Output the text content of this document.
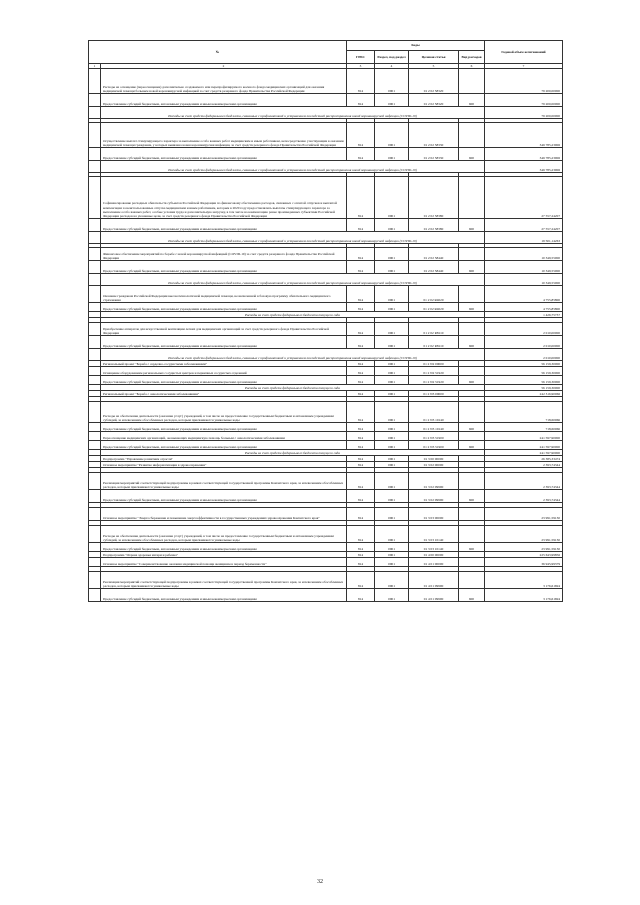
№		Коды				Годовой объем ассигнований
		ГРБС	Раздел, под-раздел	Целевая статья	Вид расходов	
1	2	3	4	5	6	7
	Расходы на оснащение (переоснащение) дополнительно создаваемого или перепрофилируемого коечного фонда медицинских организаций для оказания медицинской помощи больным новой коронавирусной инфекцией за счет средств резервного фонда Правительства Российской Федерации	814	0901	01 2 02 58320		79 200,00000
	Предоставление субсидий бюджетным, автономным учреждениям и иным некоммерческим организациям	814	0901	01 2 02 58320	600	79 200,00000
	Расходы за счет средств федерального бюджета, связанные с профилактикой и устранением последствий распространения новой коронавирусной инфекции (COVID-19)					79 200,00000

	Осуществление выплат стимулирующего характера за выполнение особо важных работ медицинским и иным работникам, непосредственно участвующим в оказании медицинской помощи гражданам, у которых выявлена новая коронавирусная инфекция, за счет средств резервного фонда Правительства Российской Федерации	814	0901	01 2 02 58330		346 785,23906
	Предоставление субсидий бюджетным, автономным учреждениям и иным некоммерческим организациям	814	0901	01 2 02 58330	600	346 785,23906
	Расходы за счет средств федерального бюджета, связанные с профилактикой и устранением последствий распространения новой коронавирусной инфекции (COVID-19)					346 785,23906

	Софинансирование расходных обязательств субъектов Российской Федерации по финансовому обеспечению расходов, связанных с оплатой отпусков и выплатой компенсации за неиспользованные отпуска медицинским и иным работникам, которым в 2020 году предоставлялись выплаты стимулирующего характера за выполнение особо важных работ, особые условия труда и дополнительную нагрузку, в том числе на компенсацию ранее произведенных субъектами Российской Федерации расходов на указанные цели, за счет средств резервного фонда Правительства Российской Федерации	814	0901	01 2 02 58380		27 557,24207
	Предоставление субсидий бюджетным, автономным учреждениям и иным некоммерческим организациям	814	0901	01 2 02 58380	600	27 557,24207
	Расходы за счет средств федерального бюджета, связанные с профилактикой и устранением последствий распространения новой коронавирусной инфекции (COVID-19)					19 501,14263

	Финансовое обеспечение мероприятий по борьбе с новой коронавирусной инфекцией (COVID-19) за счет средств резервного фонда Правительства Российской Федерации	814	0901	01 2 02 58440		10 349,55000
	Предоставление субсидий бюджетным, автономным учреждениям и иным некоммерческим организациям	814	0901	01 2 02 58440	600	10 349,55000
	Расходы за счет средств федерального бюджета, связанные с профилактикой и устранением последствий распространения новой коронавирусной инфекции (COVID-19)					10 349,55000
	Оказание гражданам Российской Федерации высокотехнологичной медицинской помощи, не включенной в базовую программу обязательного медицинского страхования	814	0901	01 2 02 R4020		4 755,85800
	Предоставление субсидий бюджетным, автономным учреждениям и иным некоммерческим организациям	814	0901	01 2 02 R4020	600	4 755,85800
	Расходы за счет средств федерального бюджета текущего года					1 426,75737

	Приобретение аппаратов для искусственной вентиляции легких для медицинских организаций за счет средств резервного фонда Правительства Российской Федерации	814	0901	01 2 02 R8110		2 010,00000
	Предоставление субсидий бюджетным, автономным учреждениям и иным некоммерческим организациям	814	0901	01 2 02 R8110	600	2 010,00000
	Расходы за счет средств федерального бюджета, связанные с профилактикой и устранением последствий распространения новой коронавирусной инфекции (COVID-19)					2 010,00000
	Региональный проект "Борьба с сердечно-сосудистыми заболеваниями"	814	0901	01 2 N2 00000		56 159,30000
	Оснащение оборудованием региональных сосудистых центров и первичных сосудистых отделений	814	0901	01 2 N2 51920		56 159,30000
	Предоставление субсидий бюджетным, автономным учреждениям и иным некоммерческим организациям	814	0901	01 2 N2 51920	600	56 159,30000
	Расходы за счет средств федерального бюджета текущего года					56 159,30000
	Региональный проект "Борьба с онкологическими заболеваниями"	814	0901	01 2 N3 00000		242 316,90066

	Расходы на обеспечение деятельности (оказание услуг) учреждений, в том числе на предоставление государственным бюджетным и автономным учреждениям субсидий, за исключением обособленных расходов, которым присваиваются уникальные коды	814	0901	01 2 N3 10140		718,60066
	Предоставление субсидий бюджетным, автономным учреждениям и иным некоммерческим организациям	814	0901	01 2 N3 10140	600	718,60066
	Переоснащение медицинских организаций, оказывающих медицинскую помощь больным с онкологическими заболеваниями	814	0901	01 2 N3 51900		241 597,90000
	Предоставление субсидий бюджетным, автономным учреждениям и иным некоммерческим организациям	814	0901	01 2 N3 51900	600	241 597,90000
	Расходы за счет средств федерального бюджета текущего года					241 597,90000
	Подпрограмма "Управление развитием отрасли"	814	0901	01 3 00 00000		26 385,33474
	Основное мероприятие "Развитие информатизации в здравоохранении"	814	0901	01 3 02 00000		2 393,74344

	Реализация мероприятий соответствующей подпрограммы в рамках соответствующей государственной программы Камчатского края, за исключением обособленных расходов, которым присваиваются уникальные коды	814	0901	01 3 02 09990		2 393,74344
	Предоставление субсидий бюджетным, автономным учреждениям и иным некоммерческим организациям	814	0901	01 3 02 09990	600	2 393,74344

	Основное мероприятие "Энергосбережение и повышение энергоэффективности в государственных учреждениях здравоохранения Камчатского края"	814	0901	01 3 03 00000		23 991,59130

	Расходы на обеспечение деятельности (оказание услуг) учреждений, в том числе на предоставление государственным бюджетным и автономным учреждениям субсидий, за исключением обособленных расходов, которым присваиваются уникальные коды	814	0901	01 3 03 10140		23 991,59130
	Предоставление субсидий бюджетным, автономным учреждениям и иным некоммерческим организациям	814	0901	01 3 03 10140	600	23 991,59130
	Подпрограмма "Охрана здоровья матери и ребенка"	814	0901	01 4 00 00000		225 643,99856
	Основное мероприятие "Совершенствование оказания медицинской помощи женщинам в период беременности"	814	0901	01 4 01 00000		36 945,99379

	Реализация мероприятий соответствующей подпрограммы в рамках соответствующей государственной программы Камчатского края, за исключением обособленных расходов, которым присваиваются уникальные коды	814	0901	01 4 01 09990		3 176,61694
	Предоставление субсидий бюджетным, автономным учреждениям и иным некоммерческим организациям	814	0901	01 4 01 09990	600	3 176,61694
32
